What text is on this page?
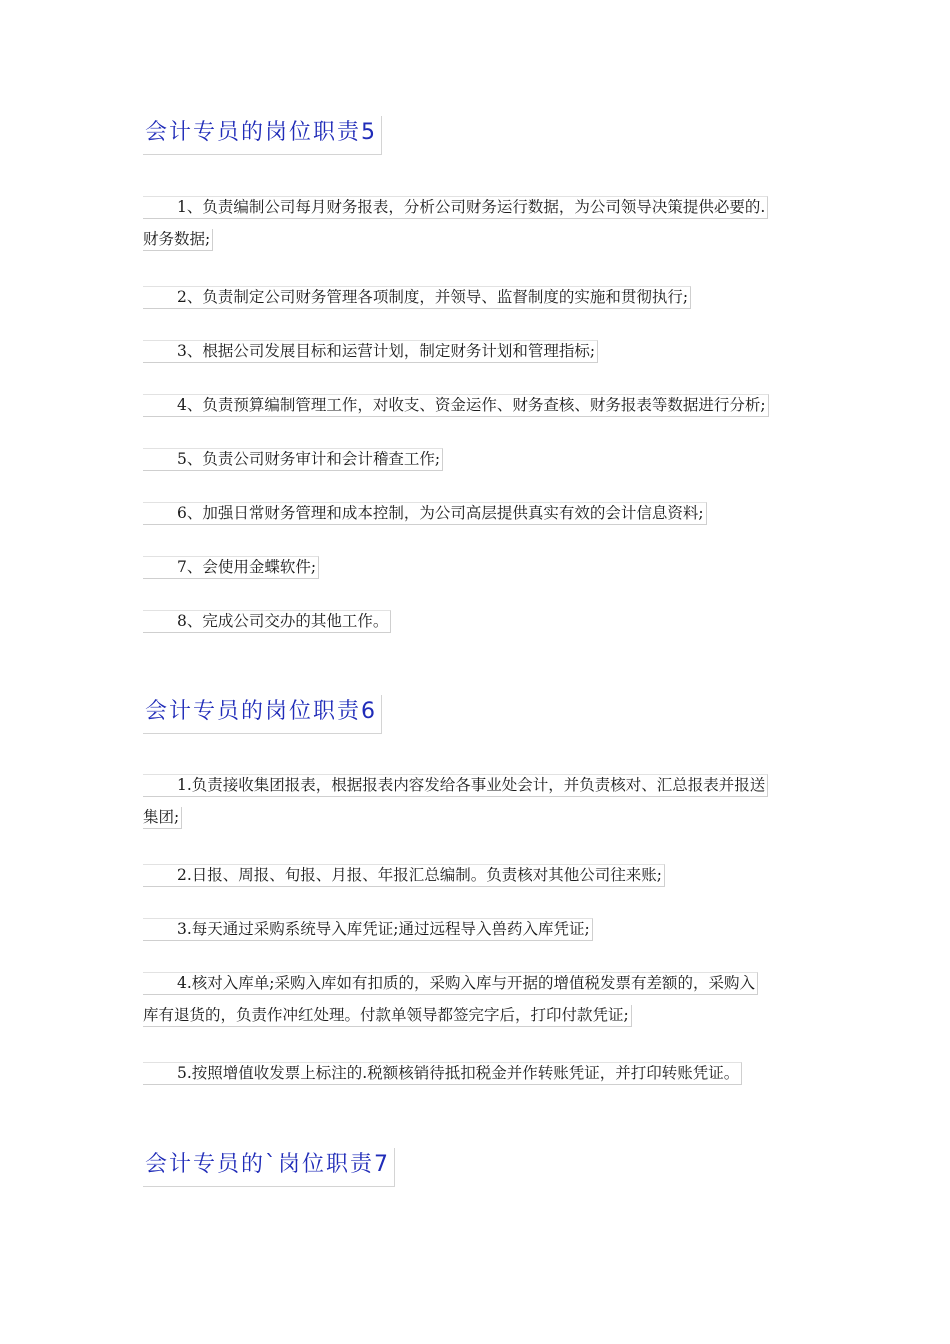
会计专员的岗位职责5
1、负责编制公司每月财务报表，分析公司财务运行数据，为公司领导决策提供必要的.
财务数据;
2、负责制定公司财务管理各项制度，并领导、监督制度的实施和贯彻执行;
3、根据公司发展目标和运营计划，制定财务计划和管理指标;
4、负责预算编制管理工作，对收支、资金运作、财务查核、财务报表等数据进行分析;
5、负责公司财务审计和会计稽查工作;
6、加强日常财务管理和成本控制，为公司高层提供真实有效的会计信息资料;
7、会使用金蝶软件;
8、完成公司交办的其他工作。
会计专员的岗位职责6
1.负责接收集团报表，根据报表内容发给各事业处会计，并负责核对、汇总报表并报送
集团;
2.日报、周报、旬报、月报、年报汇总编制。负责核对其他公司往来账;
3.每天通过采购系统导入库凭证;通过远程导入兽药入库凭证;
4.核对入库单;采购入库如有扣质的，采购入库与开据的增值税发票有差额的，采购入
库有退货的，负责作冲红处理。付款单领导都签完字后，打印付款凭证;
5.按照增值收发票上标注的.税额核销待抵扣税金并作转账凭证，并打印转账凭证。
会计专员的`岗位职责7
